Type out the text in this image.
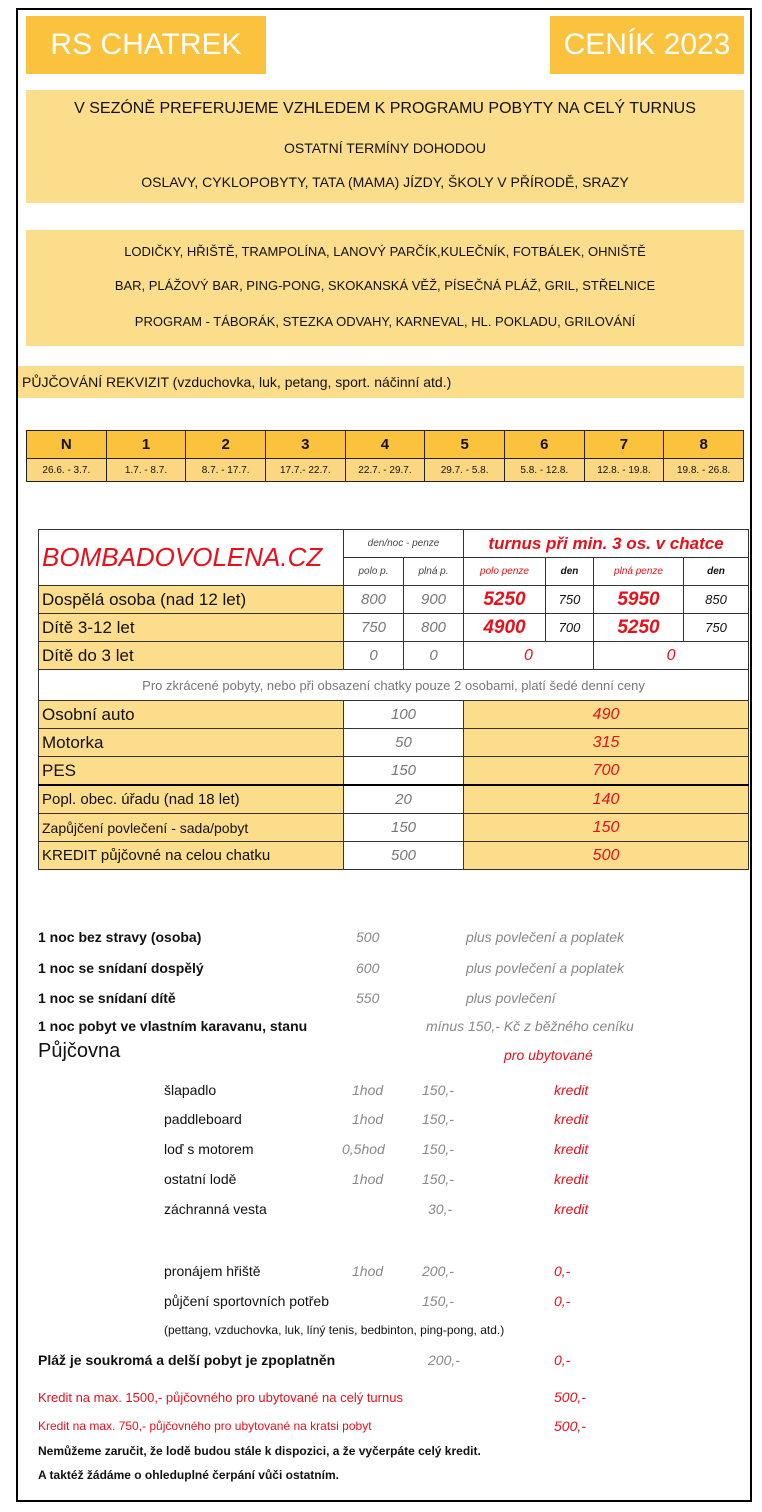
RS CHATREK	CENÍK 2023
V SEZÓNĚ PREFERUJEME VZHLEDEM K PROGRAMU POBYTY NA CELÝ TURNUS
OSTATNÍ TERMÍNY DOHODOU
OSLAVY, CYKLOPOBYTY, TATA (MAMA) JÍZDY, ŠKOLY V PŘÍRODĚ, SRAZY
LODIČKY, HŘIŠTĚ, TRAMPOLÍNA, LANOVÝ PARČÍK,KULEČNÍK, FOTBÁLEK, OHNIŠTĚ
BAR, PLÁŽOVÝ BAR, PING-PONG, SKOKANSKÁ VĚŽ, PÍSEČNÁ PLÁŽ, GRIL, STŘELNICE
PROGRAM - TÁBORÁK, STEZKA ODVAHY, KARNEVAL, HL. POKLADU, GRILOVÁNÍ
PŮJČOVÁNÍ REKVIZIT (vzduchovka, luk, petang, sport. náčinní atd.)
N	1	2	3	4	5	6	7	8
26.6. - 3.7.	1.7. - 8.7.	8.7. - 17.7.	17.7.- 22.7.	22.7. - 29.7.	29.7. - 5.8.	5.8. - 12.8.	12.8. - 19.8.	19.8. - 26.8.
BOMBADOVOLENA.CZ	den/noc - penze		turnus při min. 3 os. v chatce			
	polo p.	plná p.	polo penze	den	plná penze	den
Dospělá osoba (nad 12 let)	800	900	5250	750	5950	850
Dítě 3-12 let	750	800	4900	700	5250	750
Dítě do 3 let	0	0	0		0	
Pro zkrácené pobyty, nebo při obsazení chatky pouze 2 osobami, platí šedé denní ceny						
Osobní auto	100		490			
Motorka	50		315			
PES	150		700			
Popl. obec. úřadu (nad 18 let)	20		140			
Zapůjčení povlečení - sada/pobyt	150		150			
KREDIT půjčovné na celou chatku	500		500			
1 noc bez stravy (osoba)	500	plus povlečení a poplatek
1 noc se snídaní dospělý	600	plus povlečení a poplatek
1 noc se snídaní dítě	550	plus povlečení
1 noc pobyt ve vlastním karavanu, stanu	mínus 150,- Kč z běžného ceníku
Půjčovna	pro ubytované
šlapadlo	1hod	150,-	kredit
paddleboard	1hod	150,-	kredit
loď s motorem	0,5hod	150,-	kredit
ostatní lodě	1hod	150,-	kredit
záchranná vesta	30,-	kredit
pronájem hřiště	1hod	200,-	0,-
půjčení sportovních potřeb	150,-	0,-
(pettang, vzduchovka, luk, líný tenis, bedbinton, ping-pong, atd.)
Pláž je soukromá a delší pobyt je zpoplatněn	200,-	0,-
Kredit na max. 1500,- půjčovného pro ubytované na celý turnus	500,-
Kredit na max. 750,- půjčovného pro ubytované na kratsi pobyt	500,-
Nemůžeme zaručit, že lodě budou stále k dispozici, a že vyčerpáte celý kredit.
A taktéž žádáme o ohleduplné čerpání vůči ostatním.
